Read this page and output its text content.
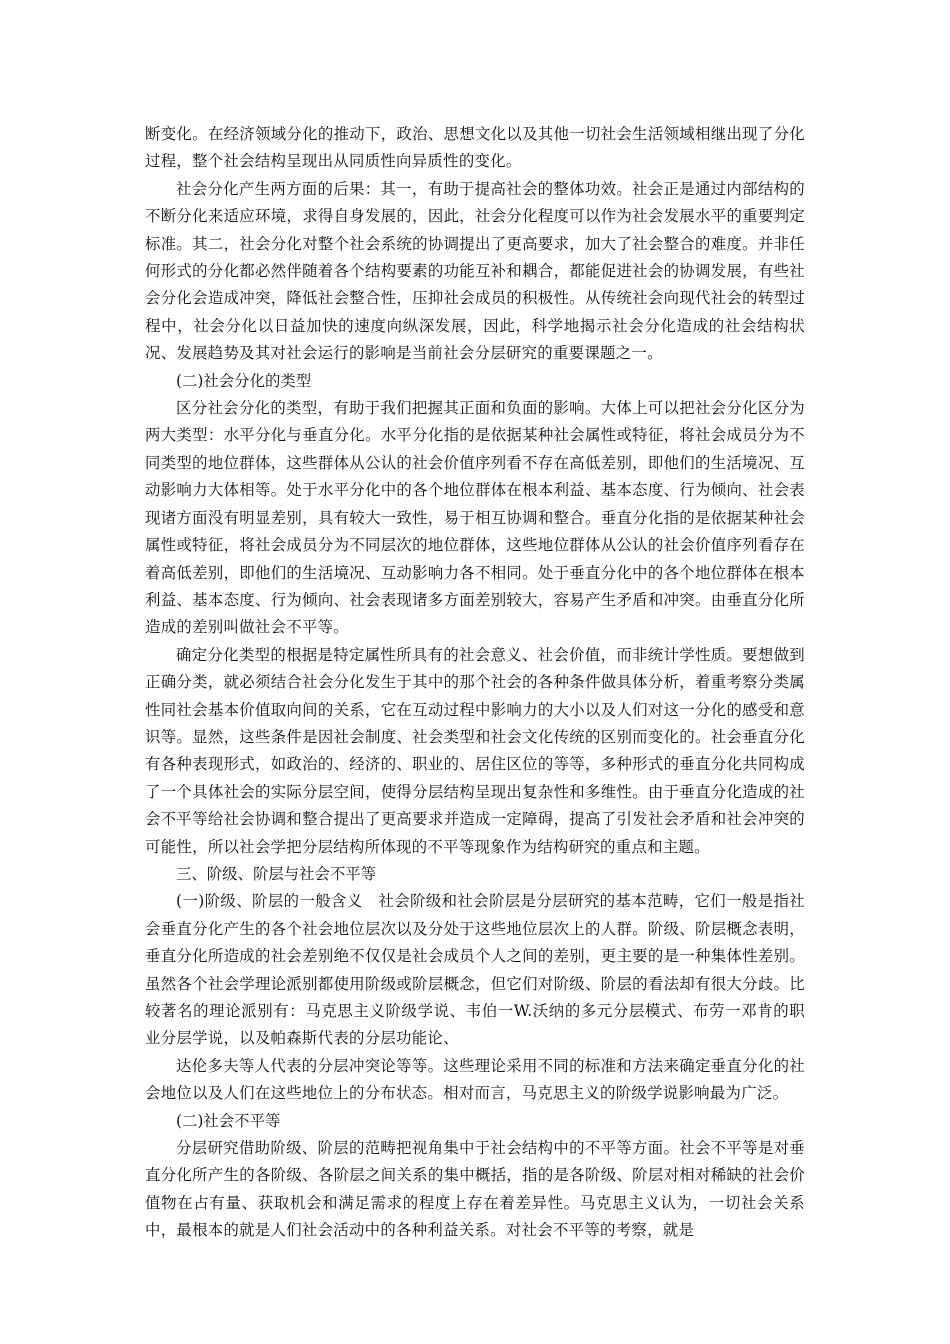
断变化。在经济领域分化的推动下，政治、思想文化以及其他一切社会生活领域相继出现了分化过程，整个社会结构呈现出从同质性向异质性的变化。

社会分化产生两方面的后果：其一，有助于提高社会的整体功效。社会正是通过内部结构的不断分化来适应环境，求得自身发展的，因此，社会分化程度可以作为社会发展水平的重要判定标准。其二，社会分化对整个社会系统的协调提出了更高要求，加大了社会整合的难度。并非任何形式的分化都必然伴随着各个结构要素的功能互补和耦合，都能促进社会的协调发展，有些社会分化会造成冲突，降低社会整合性，压抑社会成员的积极性。从传统社会向现代社会的转型过程中，社会分化以日益加快的速度向纵深发展，因此，科学地揭示社会分化造成的社会结构状况、发展趋势及其对社会运行的影响是当前社会分层研究的重要课题之一。

(二)社会分化的类型

区分社会分化的类型，有助于我们把握其正面和负面的影响。大体上可以把社会分化区分为两大类型：水平分化与垂直分化。水平分化指的是依据某种社会属性或特征，将社会成员分为不同类型的地位群体，这些群体从公认的社会价值序列看不存在高低差别，即他们的生活境况、互动影响力大体相等。处于水平分化中的各个地位群体在根本利益、基本态度、行为倾向、社会表现诸方面没有明显差别，具有较大一致性，易于相互协调和整合。垂直分化指的是依据某种社会属性或特征，将社会成员分为不同层次的地位群体，这些地位群体从公认的社会价值序列看存在着高低差别，即他们的生活境况、互动影响力各不相同。处于垂直分化中的各个地位群体在根本利益、基本态度、行为倾向、社会表现诸多方面差别较大，容易产生矛盾和冲突。由垂直分化所造成的差别叫做社会不平等。

确定分化类型的根据是特定属性所具有的社会意义、社会价值，而非统计学性质。要想做到正确分类，就必须结合社会分化发生于其中的那个社会的各种条件做具体分析，着重考察分类属性同社会基本价值取向间的关系，它在互动过程中影响力的大小以及人们对这一分化的感受和意识等。显然，这些条件是因社会制度、社会类型和社会文化传统的区别而变化的。社会垂直分化有各种表现形式，如政治的、经济的、职业的、居住区位的等等，多种形式的垂直分化共同构成了一个具体社会的实际分层空间，使得分层结构呈现出复杂性和多维性。由于垂直分化造成的社会不平等给社会协调和整合提出了更高要求并造成一定障碍，提高了引发社会矛盾和社会冲突的可能性，所以社会学把分层结构所体现的不平等现象作为结构研究的重点和主题。

三、阶级、阶层与社会不平等

(一)阶级、阶层的一般含义　社会阶级和社会阶层是分层研究的基本范畴，它们一般是指社会垂直分化产生的各个社会地位层次以及分处于这些地位层次上的人群。阶级、阶层概念表明，垂直分化所造成的社会差别绝不仅仅是社会成员个人之间的差别，更主要的是一种集体性差别。虽然各个社会学理论派别都使用阶级或阶层概念，但它们对阶级、阶层的看法却有很大分歧。比较著名的理论派别有：马克思主义阶级学说、韦伯一W.沃纳的多元分层模式、布劳一邓肯的职业分层学说，以及帕森斯代表的分层功能论、

达伦多夫等人代表的分层冲突论等等。这些理论采用不同的标准和方法来确定垂直分化的社会地位以及人们在这些地位上的分布状态。相对而言，马克思主义的阶级学说影响最为广泛。

(二)社会不平等

分层研究借助阶级、阶层的范畴把视角集中于社会结构中的不平等方面。社会不平等是对垂直分化所产生的各阶级、各阶层之间关系的集中概括，指的是各阶级、阶层对相对稀缺的社会价值物在占有量、获取机会和满足需求的程度上存在着差异性。马克思主义认为，一切社会关系中，最根本的就是人们社会活动中的各种利益关系。对社会不平等的考察，就是
